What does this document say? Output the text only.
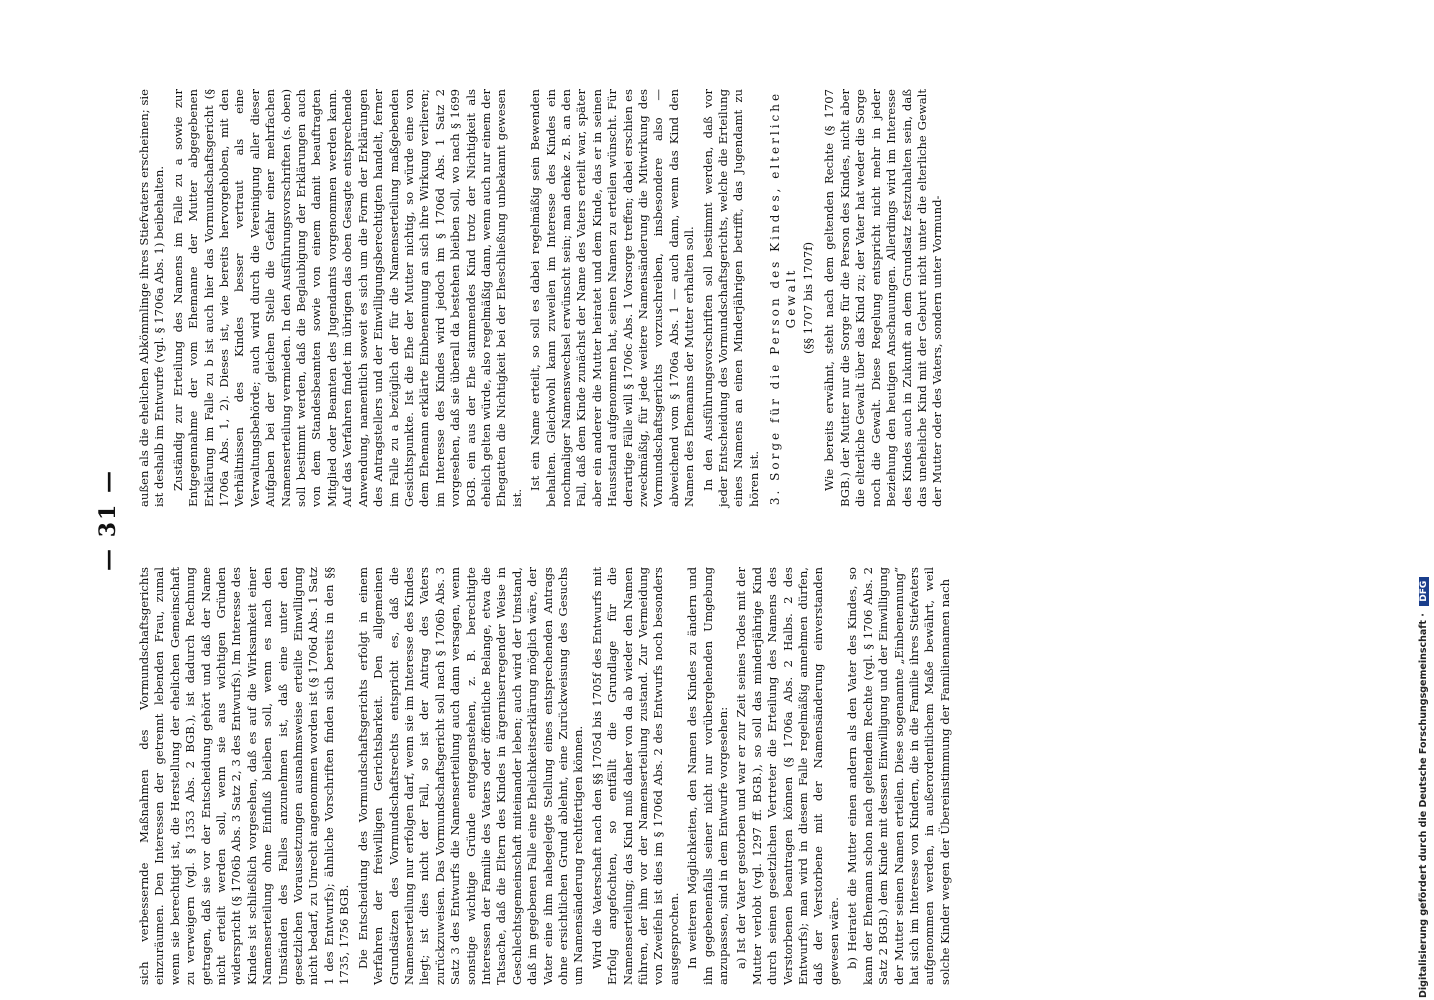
— 31 —

sich verbessernde Maßnahmen des Vormundschaftsgerichts einzuräumen. Den Interessen der getrennt lebenden Frau, zumal wenn sie berechtigt ist, die Herstellung der ehelichen Gemeinschaft zu verweigern (vgl. § 1353 Abs. 2 BGB.), ist dadurch Rechnung getragen, daß sie vor der Entscheidung gehört und daß der Name nicht erteilt werden soll, wenn sie aus wichtigen Gründen widerspricht (§ 1706b Abs. 3 Satz 2, 3 des Entwurfs). Im Interesse des Kindes ist schließlich vorgesehen, daß es auf die Wirksamkeit einer Namenserteilung ohne Einfluß bleiben soll, wenn es nach den Umständen des Falles anzunehmen ist, daß eine unter den gesetzlichen Voraussetzungen ausnahmsweise erteilte Einwilligung nicht bedarf, zu Unrecht angenommen worden ist (§ 1706d Abs. 1 Satz 1 des Entwurfs); ähnliche Vorschriften finden sich bereits in den §§ 1735, 1756 BGB. Die Entscheidung des Vormundschaftsgerichts erfolgt in einem Verfahren der freiwilligen Gerichtsbarkeit. Den allgemeinen Grundsätzen des Vormundschaftsrechts entspricht es, daß die Namenserteilung nur erfolgen darf, wenn sie im Interesse des Kindes liegt; ist dies nicht der Fall, so ist der Antrag des Vaters zurückzuweisen. Das Vormundschaftsgericht soll nach § 1706b Abs. 3 Satz 3 des Entwurfs die Namenserteilung auch dann versagen, wenn sonstige wichtige Gründe entgegenstehen, z. B. berechtigte Interessen der Familie des Vaters oder öffentliche Belange, etwa die Tatsache, daß die Eltern des Kindes in ärgerniserregender Weise in Geschlechtsgemeinschaft miteinander leben; auch wird der Umstand, daß im gegebenen Falle eine Ehelichkeitserklärung möglich wäre, der Vater eine ihm nahegelegte Stellung eines entsprechenden Antrags ohne ersichtlichen Grund ablehnt, eine Zurückweisung des Gesuchs um Namensänderung rechtfertigen können. Wird die Vaterschaft nach den §§ 1705d bis 1705f des Entwurfs mit Erfolg angefochten, so entfällt die Grundlage für die Namenserteilung; das Kind muß daher von da ab wieder den Namen führen, der ihm vor der Namenserteilung zustand. Zur Vermeidung von Zweifeln ist dies im § 1706d Abs. 2 des Entwurfs noch besonders ausgesprochen. In weiteren Möglichkeiten, den Namen des Kindes zu ändern und ihn gegebenenfalls seiner nicht nur vorübergehenden Umgebung anzupassen, sind in dem Entwurfe vorgesehen: a) Ist der Vater gestorben und war er zur Zeit seines Todes mit der Mutter verlobt (vgl. 1297 ff. BGB.), so soll das minderjährige Kind durch seinen gesetzlichen Vertreter die Erteilung des Namens des Verstorbenen beantragen können (§ 1706a Abs. 2 Halbs. 2 des Entwurfs); man wird in diesem Falle regelmäßig annehmen dürfen, daß der Verstorbene mit der Namensänderung einverstanden gewesen wäre. b) Heiratet die Mutter einen andern als den Vater des Kindes, so kann der Ehemann schon nach geltendem Rechte (vgl. § 1706 Abs. 2 Satz 2 BGB.) dem Kinde mit dessen Einwilligung und der Einwilligung der Mutter seinen Namen erteilen. Diese sogenannte „Einbenennung“ hat sich im Interesse von Kindern, die in die Familie ihres Stiefvaters aufgenommen werden, in außerordentlichem Maße bewährt, weil solche Kinder wegen der Übereinstimmung der Familiennamen nach

außen als die ehelichen Abkömmlinge ihres Stiefvaters erscheinen; sie ist deshalb im Entwurfe (vgl. § 1706a Abs. 1) beibehalten. Zuständig zur Erteilung des Namens im Falle zu a sowie zur Entgegennahme der vom Ehemanne der Mutter abgegebenen Erklärung im Falle zu b ist auch hier das Vormundschaftsgericht (§ 1706a Abs. 1, 2). Dieses ist, wie bereits hervorgehoben, mit den Verhältnissen des Kindes besser vertraut als eine Verwaltungsbehörde; auch wird durch die Vereinigung aller dieser Aufgaben bei der gleichen Stelle die Gefahr einer mehrfachen Namenserteilung vermieden. In den Ausführungsvorschriften (s. oben) soll bestimmt werden, daß die Beglaubigung der Erklärungen auch von dem Standesbeamten sowie von einem damit beauftragten Mitglied oder Beamten des Jugendamts vorgenommen werden kann. Auf das Verfahren findet im übrigen das oben Gesagte entsprechende Anwendung, namentlich soweit es sich um die Form der Erklärungen des Antragstellers und der Einwilligungsberechtigten handelt, ferner im Falle zu a bezüglich der für die Namenserteilung maßgebenden Gesichtspunkte. Ist die Ehe der Mutter nichtig, so würde eine von dem Ehemann erklärte Einbenennung an sich ihre Wirkung verlieren; im Interesse des Kindes wird jedoch im § 1706d Abs. 1 Satz 2 vorgesehen, daß sie überall da bestehen bleiben soll, wo nach § 1699 BGB. ein aus der Ehe stammendes Kind trotz der Nichtigkeit als ehelich gelten würde, also regelmäßig dann, wenn auch nur einem der Ehegatten die Nichtigkeit bei der Eheschließung unbekannt gewesen ist.

Ist ein Name erteilt, so soll es dabei regelmäßig sein Bewenden behalten. Gleichwohl kann zuweilen im Interesse des Kindes ein nochmaliger Namenswechsel erwünscht sein; man denke z. B. an den Fall, daß dem Kinde zunächst der Name des Vaters erteilt war, später aber ein anderer die Mutter heiratet und dem Kinde, das er in seinen Hausstand aufgenommen hat, seinen Namen zu erteilen wünscht. Für derartige Fälle will § 1706c Abs. 1 Vorsorge treffen; dabei erschien es zweckmäßig, für jede weitere Namensänderung die Mitwirkung des Vormundschaftsgerichts vorzuschreiben, insbesondere also — abweichend vom § 1706a Abs. 1 — auch dann, wenn das Kind den Namen des Ehemanns der Mutter erhalten soll. In den Ausführungsvorschriften soll bestimmt werden, daß vor jeder Entscheidung des Vormundschaftsgerichts, welche die Erteilung eines Namens an einen Minderjährigen betrifft, das Jugendamt zu hören ist. 3. Sorge für die Person des Kindes, elterliche Gewalt (§§ 1707 bis 1707f) Wie bereits erwähnt, steht nach dem geltenden Rechte (§ 1707 BGB.) der Mutter nur die Sorge für die Person des Kindes, nicht aber die elterliche Gewalt über das Kind zu; der Vater hat weder die Sorge noch die Gewalt. Diese Regelung entspricht nicht mehr in jeder Beziehung den heutigen Anschauungen. Allerdings wird im Interesse des Kindes auch in Zukunft an dem Grundsatz festzuhalten sein, daß das uneheliche Kind mit der Geburt nicht unter die elterliche Gewalt der Mutter oder des Vaters, sondern unter Vormund-

Digitalisierung gefördert durch die Deutsche Forschungsgemeinschaft · DFG
